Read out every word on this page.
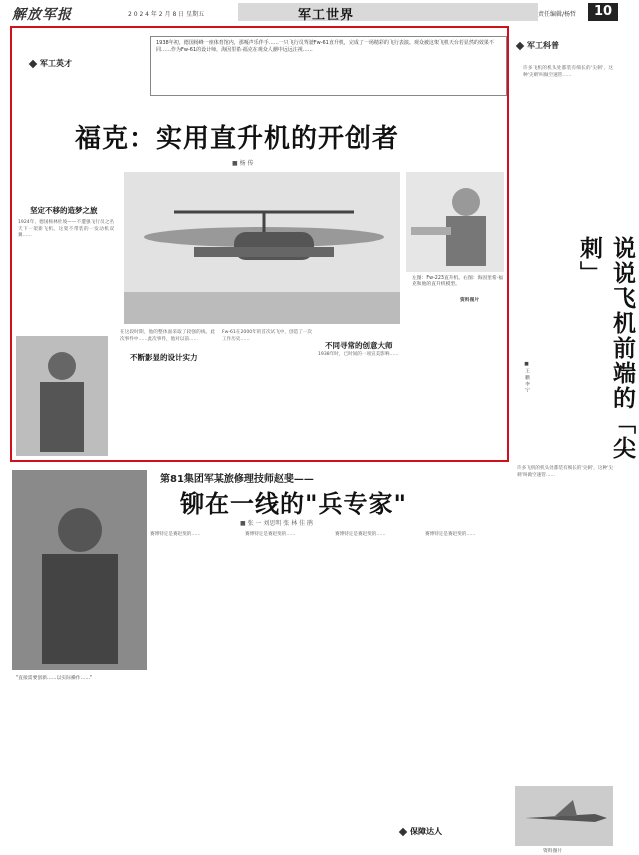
解放军报	2 0 2 4 年 2 月 8 日 星期五	军工世界	责任编辑/杨哲	10
军工英才
1938年初，德国杨峰一座体育馆内，那嘎声乐伴手……一只飞行员驾驶Fw-61直升机，完成了一场精彩的飞行表演。观众被这架飞机天台若显然的效果不同……作为Fw-61的设计师，海因里希·福克在观众人潮中远远注视……
福克：实用直升机的开创者
■ 杨 传
左图：Fw-223直升机。右图：海因里希·福克和他的直升机模型。
资料图片
坚定不移的造梦之旅
1924年，德国杨林杜坡——不遭强飞行员之名天下一架新飞机。这架不带装的一发动机双翼……
在这段时期，他的整体面采取了较强的线。此次事件中……此次事件，他对以前……
不断影显的设计实力
Fw-61在2000年的首次试飞中，创造了一次工作历史……
不同寻常的创意大师
1938年时，已时间的一项宣美影响……
军工科普
许多飞机的机头处都装有细长的'尖刺'，这种'尖刺'叫做空速管……
说说飞机前端的「尖刺」
■ 王 鹏 李 宁
许多飞机的机头处都装有细长的'尖刺'，这种'尖刺'叫做空速管……
资料图片
"直接需要创新……以实际操作……"
第81集团军某旅修理技师赵斐——
铆在一线的"兵专家"
■ 张 一 刘思明 张 林 佳 鹃
赛博特定是赛赵斐的……	赛博特定是赛赵斐的……	赛博特定是赛赵斐的……	赛博特定是赛赵斐的……
保障达人
